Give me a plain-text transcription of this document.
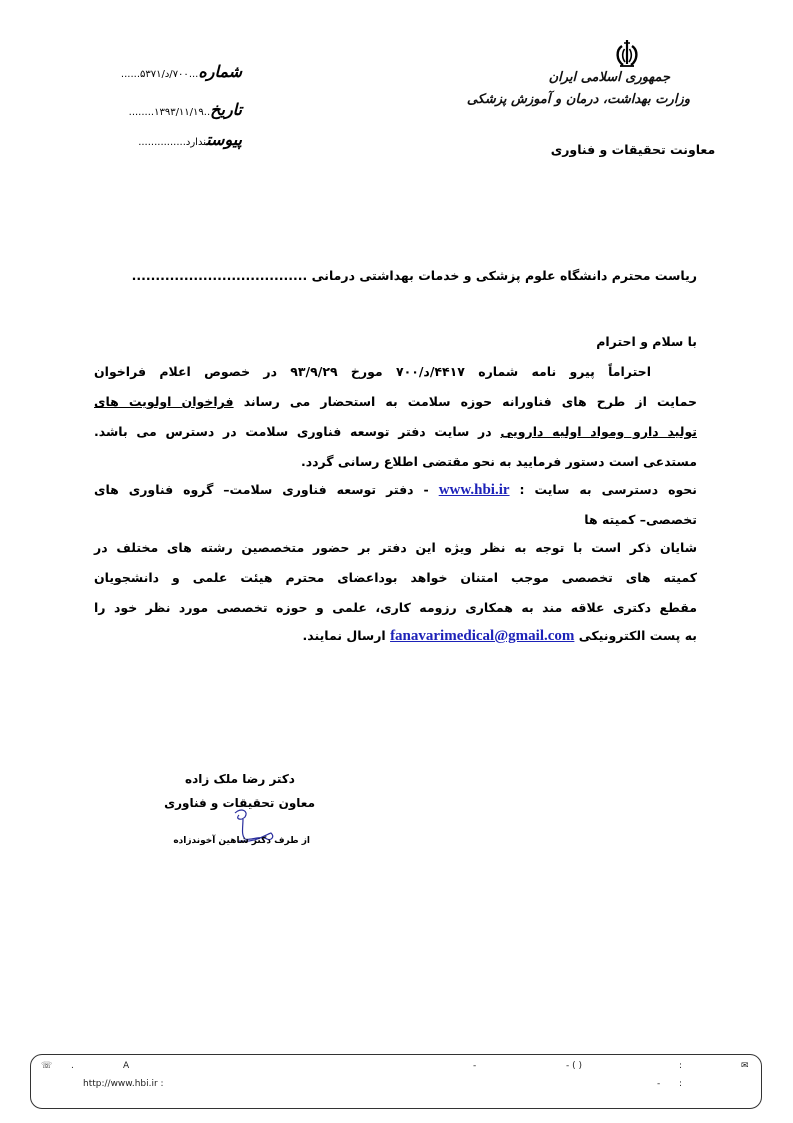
جمهوری اسلامی ایران
وزارت بهداشت، درمان و آموزش پزشکی
معاونت تحقیقات و فناوری
شماره...۷۰۰/د/۵۳۷۱......
تاریخ..۱۳۹۳/۱۱/۱۹........
پیوستندارد...............
ریاست محترم دانشگاه علوم پزشکی و خدمات بهداشتی درمانی .....................................
با سلام و احترام
احتراماً پیرو نامه شماره ۴۴۱۷/د/۷۰۰ مورخ ۹۳/۹/۲۹ در خصوص اعلام فراخوان
حمایت از طرح های فناورانه حوزه سلامت به استحضار می رساند فراخوان اولویت های
تولید دارو ومواد اولیه دارویی در سایت دفتر توسعه فناوری سلامت در دسترس می باشد.
مستدعی است دستور فرمایید به نحو مقتضی اطلاع رسانی گردد.
نحوه دسترسی به سایت : www.hbi.ir - دفتر توسعه فناوری سلامت– گروه فناوری های
تخصصی– کمیته ها
شایان ذکر است با توجه به نظر ویژه این دفتر بر حضور متخصصین رشته های مختلف در
کمیته های تخصصی موجب امتنان خواهد بوداعضای محترم هیئت علمی و دانشجویان
مقطع دکتری علاقه مند به همکاری رزومه کاری، علمی و حوزه تخصصی مورد نظر خود را
به پست الکترونیکی fanavarimedical@gmail.com ارسال نمایند.
دکتر رضا ملک زاده
معاون تحقیقات و فناوری
از طرف دکتر شاهین آخوندزاده
☏ .	A	-	- ( )	:	✉
http://www.hbi.ir :	- :
